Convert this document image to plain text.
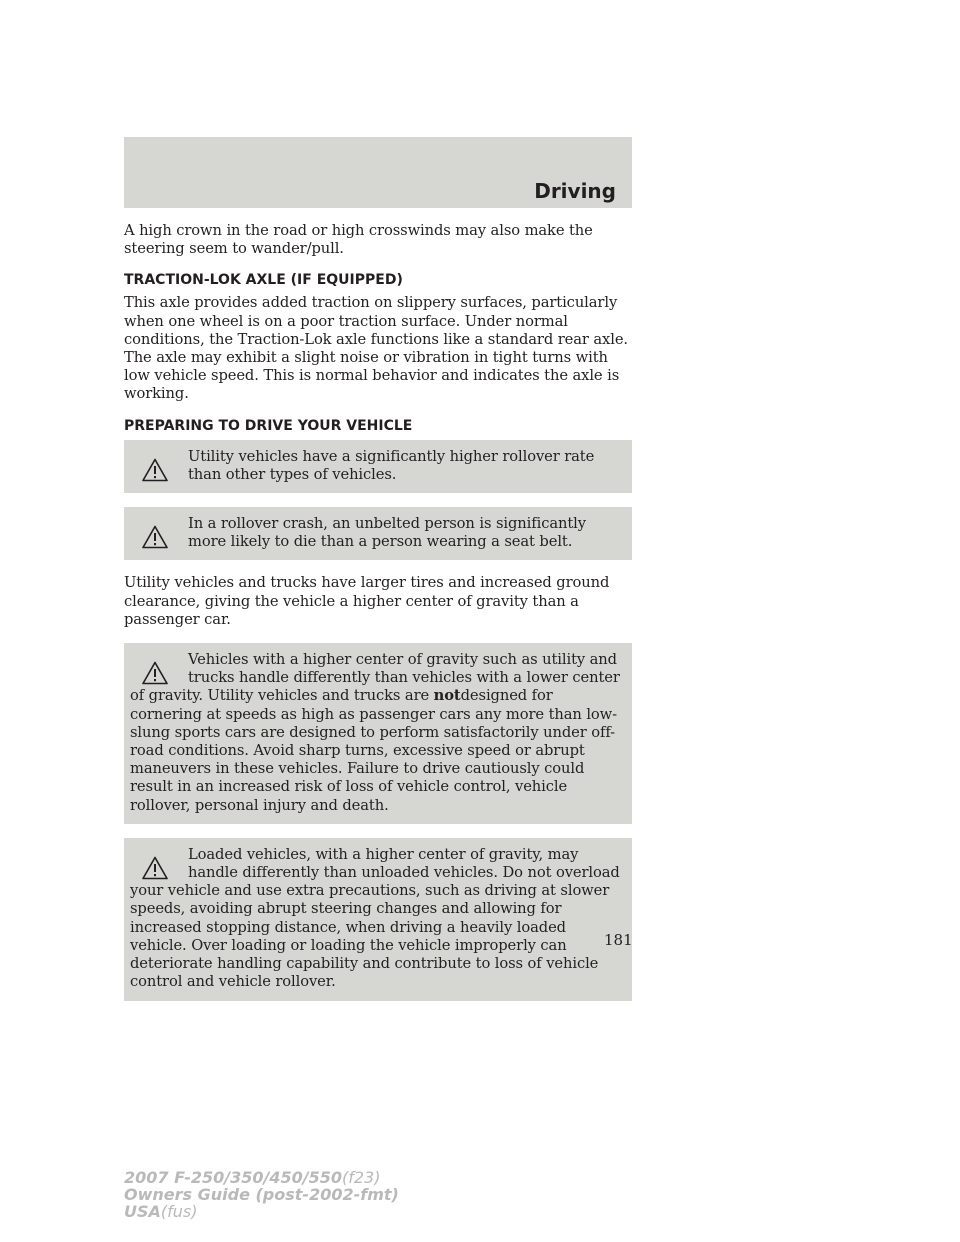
Driving

A high crown in the road or high crosswinds may also make the steering seem to wander/pull.

TRACTION-LOK AXLE (IF EQUIPPED)

This axle provides added traction on slippery surfaces, particularly when one wheel is on a poor traction surface. Under normal conditions, the Traction-Lok axle functions like a standard rear axle. The axle may exhibit a slight noise or vibration in tight turns with low vehicle speed. This is normal behavior and indicates the axle is working.

PREPARING TO DRIVE YOUR VEHICLE

Utility vehicles have a significantly higher rollover rate than other types of vehicles.

In a rollover crash, an unbelted person is significantly more likely to die than a person wearing a seat belt.

Utility vehicles and trucks have larger tires and increased ground clearance, giving the vehicle a higher center of gravity than a passenger car.

Vehicles with a higher center of gravity such as utility and trucks handle differently than vehicles with a lower center of gravity. Utility vehicles and trucks are notdesigned for cornering at speeds as high as passenger cars any more than low-slung sports cars are designed to perform satisfactorily under off-road conditions. Avoid sharp turns, excessive speed or abrupt maneuvers in these vehicles. Failure to drive cautiously could result in an increased risk of loss of vehicle control, vehicle rollover, personal injury and death.

Loaded vehicles, with a higher center of gravity, may handle differently than unloaded vehicles. Do not overload your vehicle and use extra precautions, such as driving at slower speeds, avoiding abrupt steering changes and allowing for increased stopping distance, when driving a heavily loaded vehicle. Over loading or loading the vehicle improperly can deteriorate handling capability and contribute to loss of vehicle control and vehicle rollover.

181
2007 F-250/350/450/550(f23)
Owners Guide (post-2002-fmt)
USA(fus)
